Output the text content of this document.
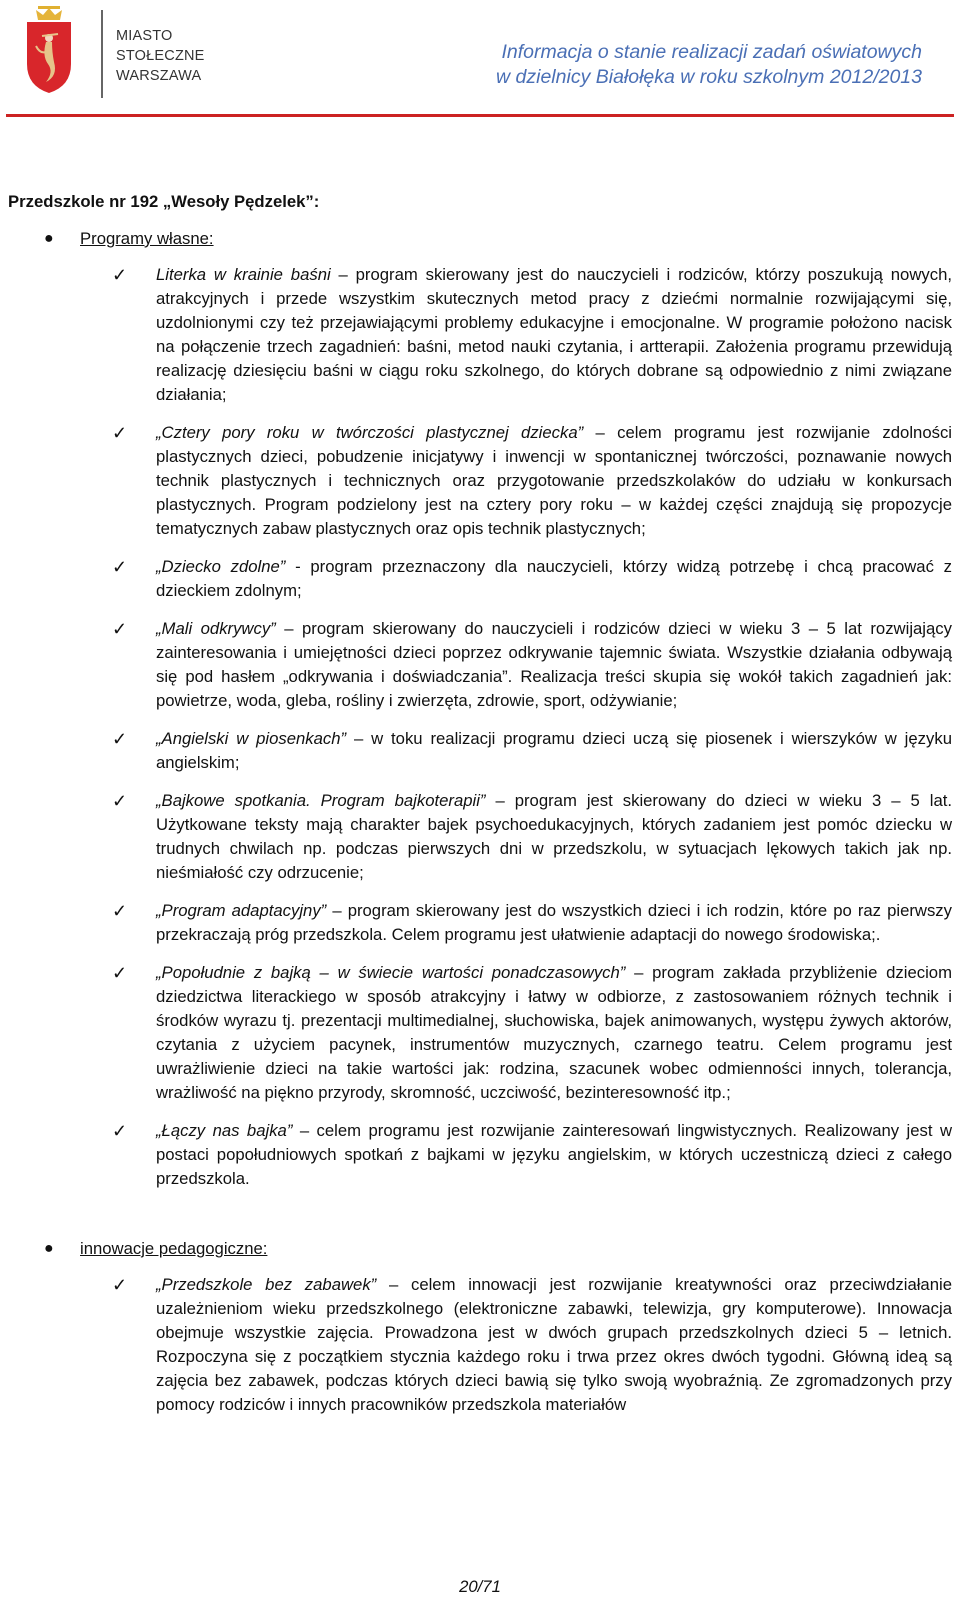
MIASTO
STOŁECZNE
WARSZAWA
Informacja o stanie realizacji zadań oświatowych
w dzielnicy Białołęka w roku szkolnym 2012/2013

Przedszkole nr 192 „Wesoły Pędzelek”:

● Programy własne:
✓ Literka w krainie baśni – program skierowany jest do nauczycieli i rodziców, którzy poszukują nowych, atrakcyjnych i przede wszystkim skutecznych metod pracy z dziećmi normalnie rozwijającymi się, uzdolnionymi czy też przejawiającymi problemy edukacyjne i emocjonalne. W programie położono nacisk na połączenie trzech zagadnień: baśni, metod nauki czytania, i artterapii. Założenia programu przewidują realizację dziesięciu baśni w ciągu roku szkolnego, do których dobrane są odpowiednio z nimi związane działania;
✓ „Cztery pory roku w twórczości plastycznej dziecka” – celem programu jest rozwijanie zdolności plastycznych dzieci, pobudzenie inicjatywy i inwencji w spontanicznej twórczości, poznawanie nowych technik plastycznych i technicznych oraz przygotowanie przedszkolaków do udziału w konkursach plastycznych. Program podzielony jest na cztery pory roku – w każdej części znajdują się propozycje tematycznych zabaw plastycznych oraz opis technik plastycznych;
✓ „Dziecko zdolne” - program przeznaczony dla nauczycieli, którzy widzą potrzebę i chcą pracować z dzieckiem zdolnym;
✓ „Mali odkrywcy” – program skierowany do nauczycieli i rodziców dzieci w wieku 3 – 5 lat rozwijający zainteresowania i umiejętności dzieci poprzez odkrywanie tajemnic świata. Wszystkie działania odbywają się pod hasłem „odkrywania i doświadczania”. Realizacja treści skupia się wokół takich zagadnień jak: powietrze, woda, gleba, rośliny i zwierzęta, zdrowie, sport, odżywianie;
✓ „Angielski w piosenkach” – w toku realizacji programu dzieci uczą się piosenek i wierszyków w języku angielskim;
✓ „Bajkowe spotkania. Program bajkoterapii” – program jest skierowany do dzieci w wieku 3 – 5 lat. Użytkowane teksty mają charakter bajek psychoedukacyjnych, których zadaniem jest pomóc dziecku w trudnych chwilach np. podczas pierwszych dni w przedszkolu, w sytuacjach lękowych takich jak np. nieśmiałość czy odrzucenie;
✓ „Program adaptacyjny” – program skierowany jest do wszystkich dzieci i ich rodzin, które po raz pierwszy przekraczają próg przedszkola. Celem programu jest ułatwienie adaptacji do nowego środowiska;.
✓ „Popołudnie z bajką – w świecie wartości ponadczasowych” – program zakłada przybliżenie dzieciom dziedzictwa literackiego w sposób atrakcyjny i łatwy w odbiorze, z zastosowaniem różnych technik i środków wyrazu tj. prezentacji multimedialnej, słuchowiska, bajek animowanych, występu żywych aktorów, czytania z użyciem pacynek, instrumentów muzycznych, czarnego teatru. Celem programu jest uwrażliwienie dzieci na takie wartości jak: rodzina, szacunek wobec odmienności innych, tolerancja, wrażliwość na piękno przyrody, skromność, uczciwość, bezinteresowność itp.;
✓ „Łączy nas bajka” – celem programu jest rozwijanie zainteresowań lingwistycznych. Realizowany jest w postaci popołudniowych spotkań z bajkami w języku angielskim, w których uczestniczą dzieci z całego przedszkola.
● innowacje pedagogiczne:
✓ „Przedszkole bez zabawek” – celem innowacji jest rozwijanie kreatywności oraz przeciwdziałanie uzależnieniom wieku przedszkolnego (elektroniczne zabawki, telewizja, gry komputerowe). Innowacja obejmuje wszystkie zajęcia. Prowadzona jest w dwóch grupach przedszkolnych dzieci 5 – letnich. Rozpoczyna się z początkiem stycznia każdego roku i trwa przez okres dwóch tygodni. Główną ideą są zajęcia bez zabawek, podczas których dzieci bawią się tylko swoją wyobraźnią. Ze zgromadzonych przy pomocy rodziców i innych pracowników przedszkola materiałów
20/71
